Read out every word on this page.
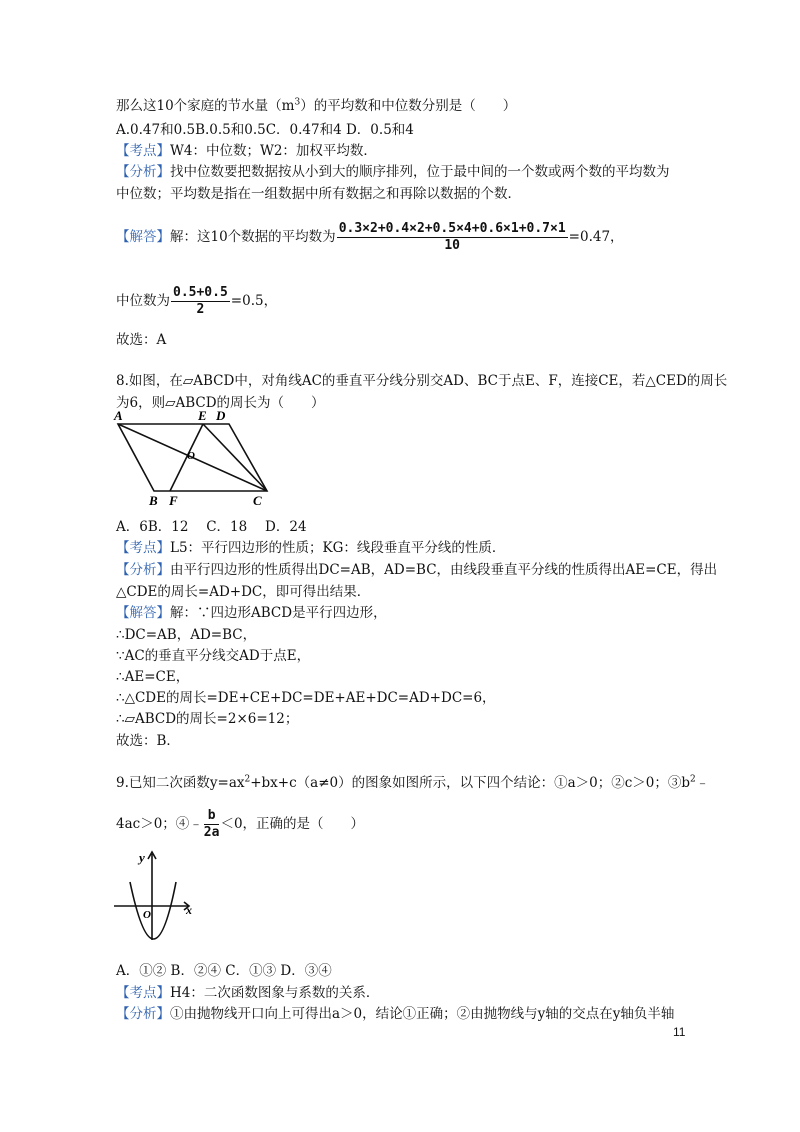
那么这10个家庭的节水量$(m^3)$的平均数和中位数分别是（　　）
A.0.47和0.5B.0.5和0.5C．0.47和4 D．0.5和4
【考点】W4：中位数；W2：加权平均数．
【分析】找中位数要把数据按从小到大的顺序排列，位于最中间的一个数或两个数的平均数为
中位数；平均数是指在一组数据中所有数据之和再除以数据的个数．
【解答】解：这10个数据的平均数为 $\frac{0.3\times 2+0.4\times 2+0.5\times 4+0.6\times 1+0.7\times 1}{10} =0.47$，
中位数为 $\frac{0.5+0.5}{2} =0.5$，
故选：A
8.如图，在▱ABCD中，对角线AC的垂直平分线分别交AD、BC于点E、F，连接CE，若△CED的周长
为6，则▱ABCD的周长为（　　）
A	E D
O
B F	C
A．6B．12　 C．18　 D．24
【考点】L5：平行四边形的性质；KG：线段垂直平分线的性质．
【分析】由平行四边形的性质得出DC=AB，AD=BC，由线段垂直平分线的性质得出AE=CE，得出
△CDE的周长=AD+DC，即可得出结果．
【解答】解：∵四边形ABCD是平行四边形，
∴DC=AB，AD=BC，
∵AC的垂直平分线交AD于点E，
∴AE=CE，
∴△CDE的周长=DE+CE+DC=DE+AE+DC=AD+DC=6，
∴▱ABCD的周长=2×6=12；
故选：B．
9.已知二次函数$y=ax^2+bx+c(a\ne 0)$的图象如图所示，以下四个结论：①a＞0；②c＞0；$③b^2﹣$
4ac＞0；④﹣ $\frac{b}{2a} <0$，正确的是（　　）
y
x
O
A．①② B．②④ C．①③ D．③④
【考点】H4：二次函数图象与系数的关系．
【分析】①由抛物线开口向上可得出a＞0，结论①正确；②由抛物线与y轴的交点在y轴负半轴
11
